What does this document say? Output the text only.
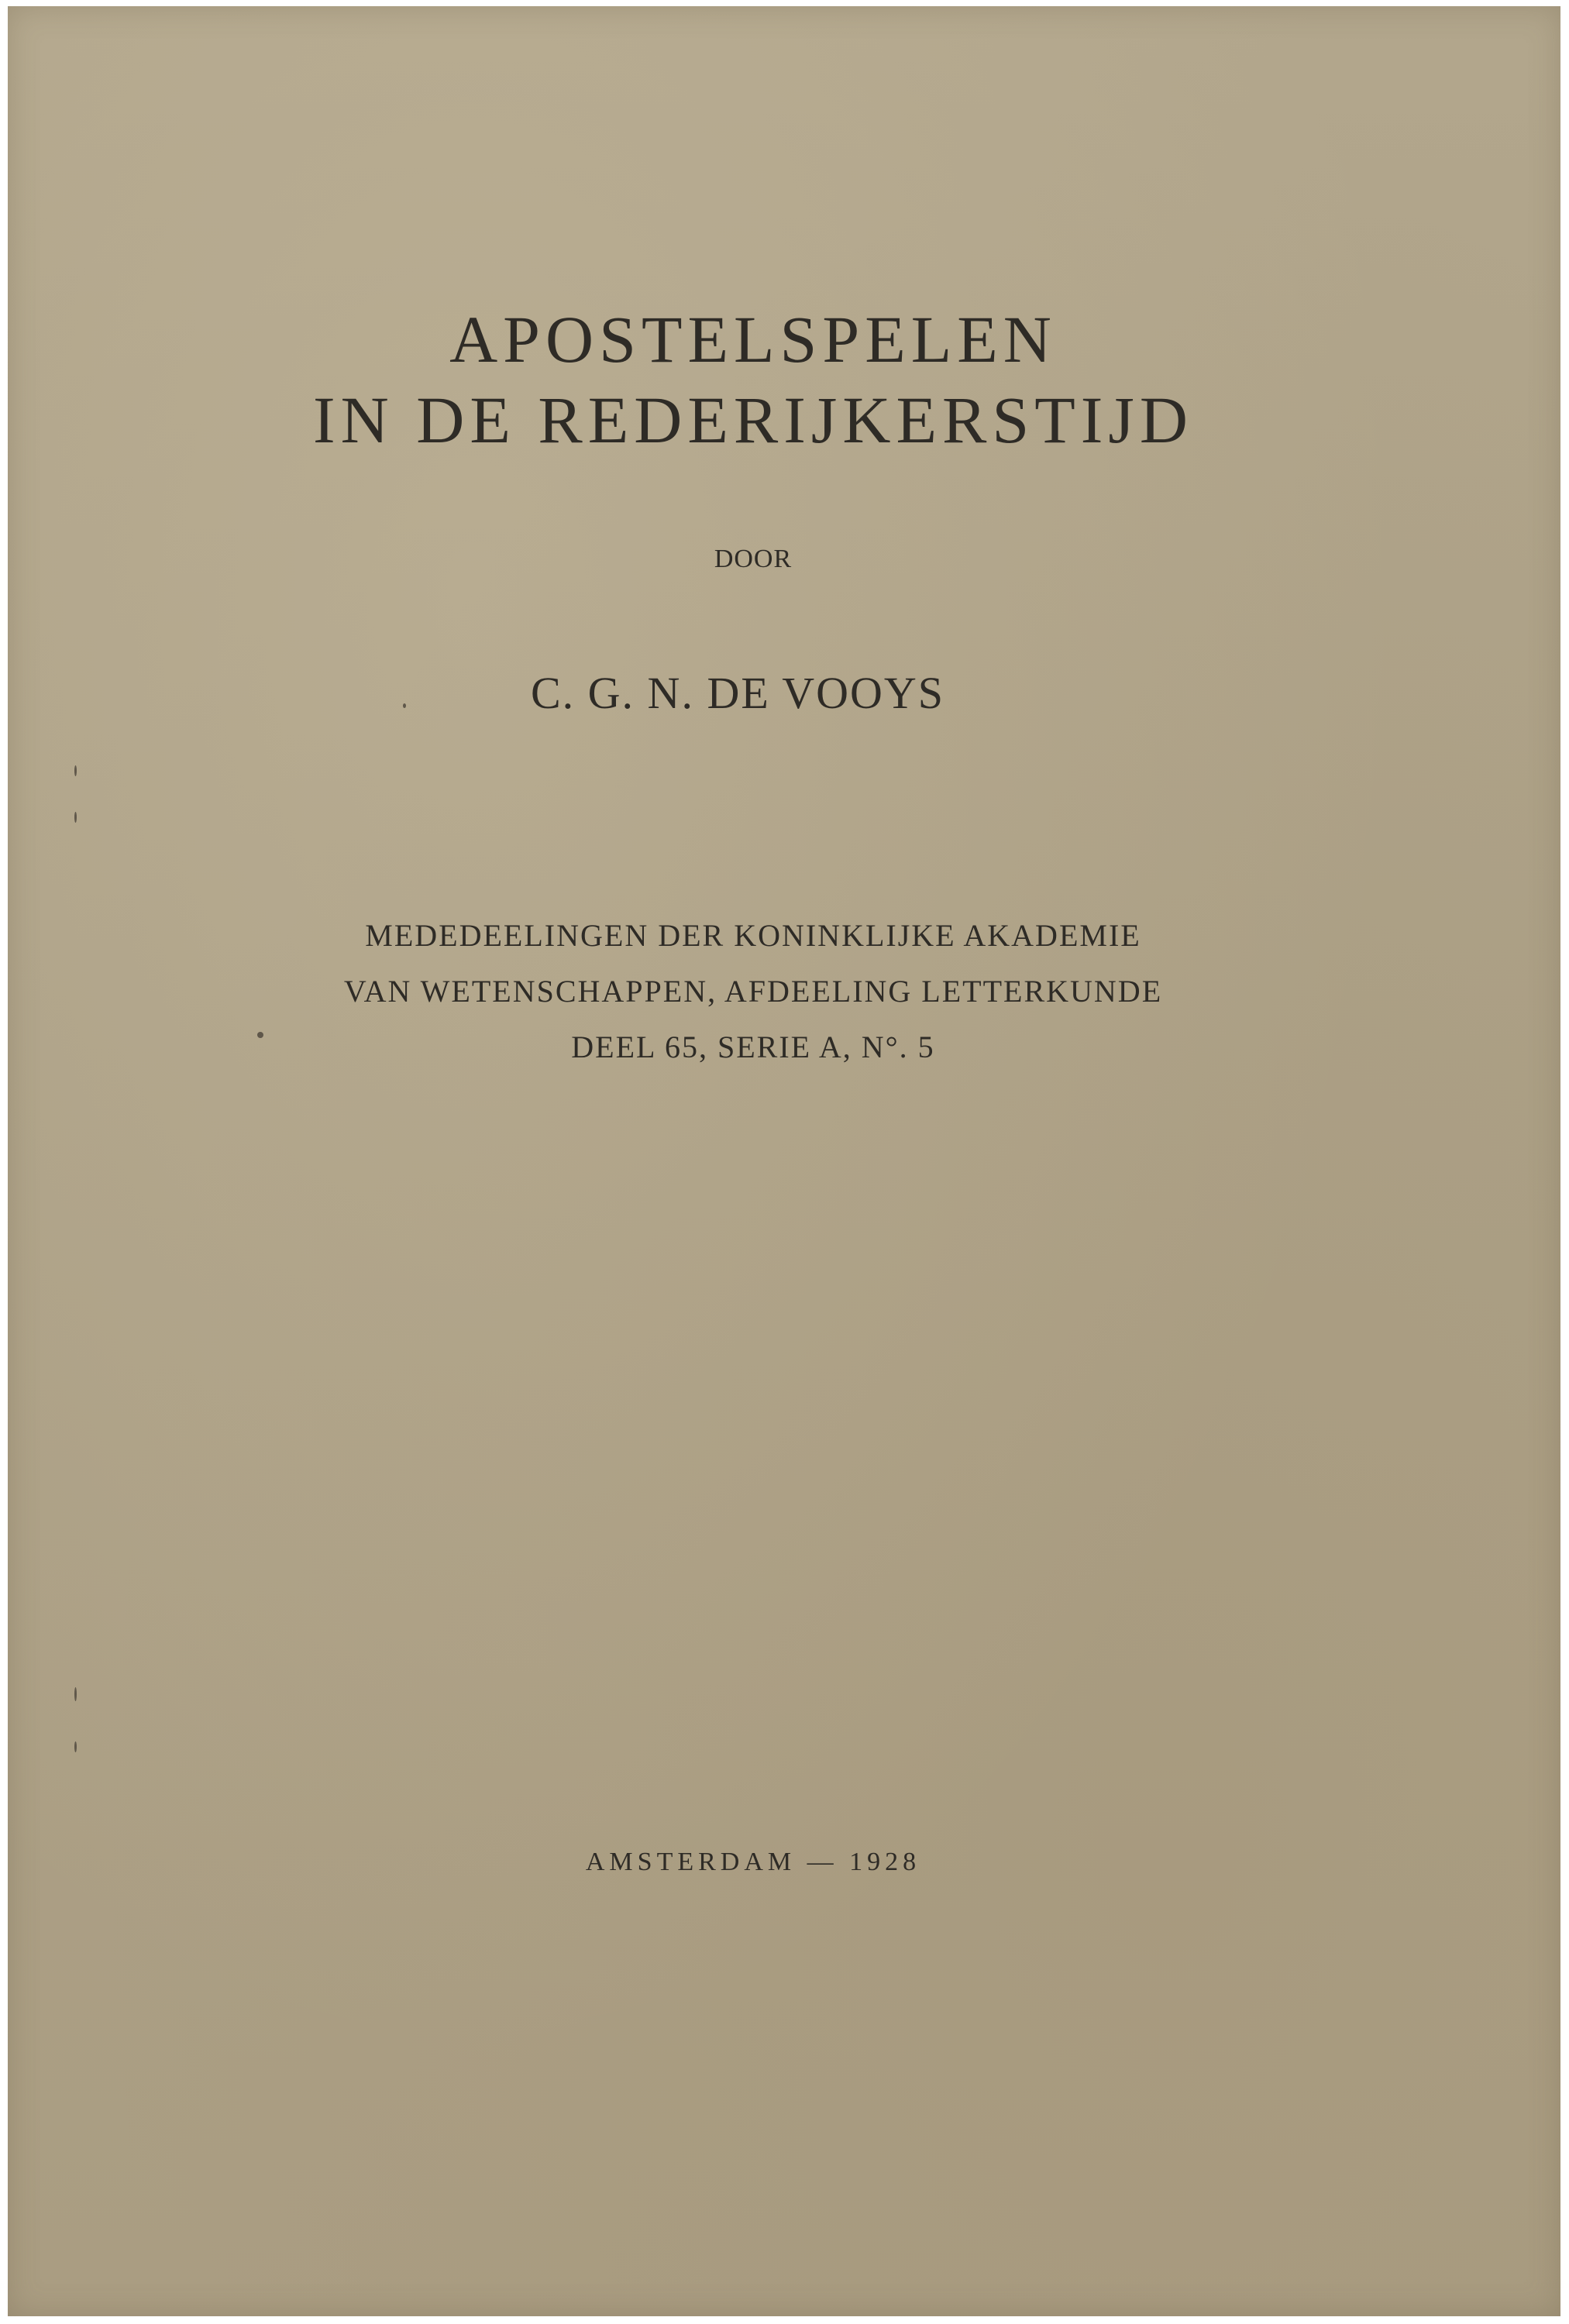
APOSTELSPELEN
IN DE REDERIJKERSTIJD

DOOR

C. G. N. DE VOOYS

MEDEDEELINGEN DER KONINKLIJKE AKADEMIE

VAN WETENSCHAPPEN, AFDEELING LETTERKUNDE

DEEL 65, SERIE A, N°. 5

AMSTERDAM — 1928
